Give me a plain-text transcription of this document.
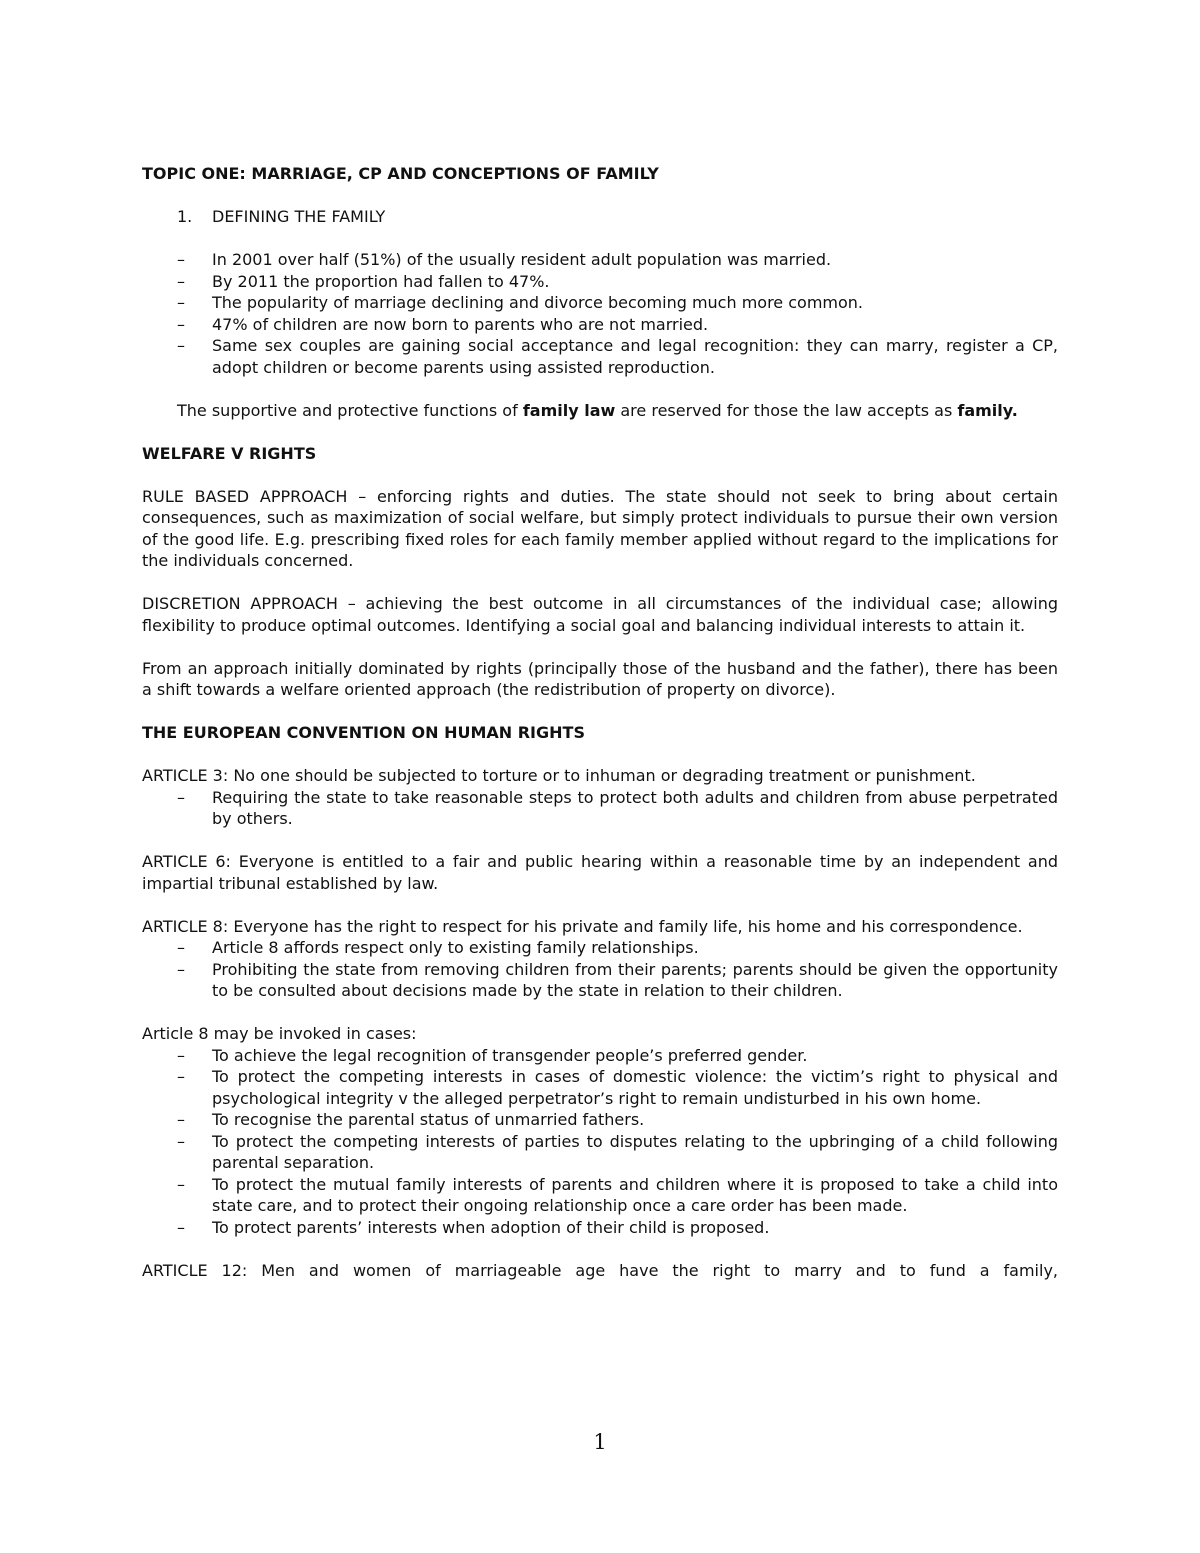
TOPIC ONE: MARRIAGE, CP AND CONCEPTIONS OF FAMILY

1.	DEFINING THE FAMILY
– In 2001 over half (51%) of the usually resident adult population was married.
– By 2011 the proportion had fallen to 47%.
– The popularity of marriage declining and divorce becoming much more common.
– 47% of children are now born to parents who are not married.
– Same sex couples are gaining social acceptance and legal recognition: they can marry, register a CP, adopt children or become parents using assisted reproduction.

The supportive and protective functions of family law are reserved for those the law accepts as family.

WELFARE V RIGHTS

RULE BASED APPROACH – enforcing rights and duties. The state should not seek to bring about certain consequences, such as maximization of social welfare, but simply protect individuals to pursue their own version of the good life. E.g. prescribing fixed roles for each family member applied without regard to the implications for the individuals concerned.

DISCRETION APPROACH – achieving the best outcome in all circumstances of the individual case; allowing flexibility to produce optimal outcomes. Identifying a social goal and balancing individual interests to attain it.

From an approach initially dominated by rights (principally those of the husband and the father), there has been a shift towards a welfare oriented approach (the redistribution of property on divorce).

THE EUROPEAN CONVENTION ON HUMAN RIGHTS

ARTICLE 3: No one should be subjected to torture or to inhuman or degrading treatment or punishment.

– Requiring the state to take reasonable steps to protect both adults and children from abuse perpetrated by others.

ARTICLE 6: Everyone is entitled to a fair and public hearing within a reasonable time by an independent and impartial tribunal established by law.

ARTICLE 8: Everyone has the right to respect for his private and family life, his home and his correspondence.

– Article 8 affords respect only to existing family relationships.
– Prohibiting the state from removing children from their parents; parents should be given the opportunity to be consulted about decisions made by the state in relation to their children.

Article 8 may be invoked in cases:

– To achieve the legal recognition of transgender people’s preferred gender.
– To protect the competing interests in cases of domestic violence: the victim’s right to physical and psychological integrity v the alleged perpetrator’s right to remain undisturbed in his own home.
– To recognise the parental status of unmarried fathers.
– To protect the competing interests of parties to disputes relating to the upbringing of a child following parental separation.
– To protect the mutual family interests of parents and children where it is proposed to take a child into state care, and to protect their ongoing relationship once a care order has been made.
– To protect parents’ interests when adoption of their child is proposed.

ARTICLE 12: Men and women of marriageable age have the right to marry and to fund a family,

1
